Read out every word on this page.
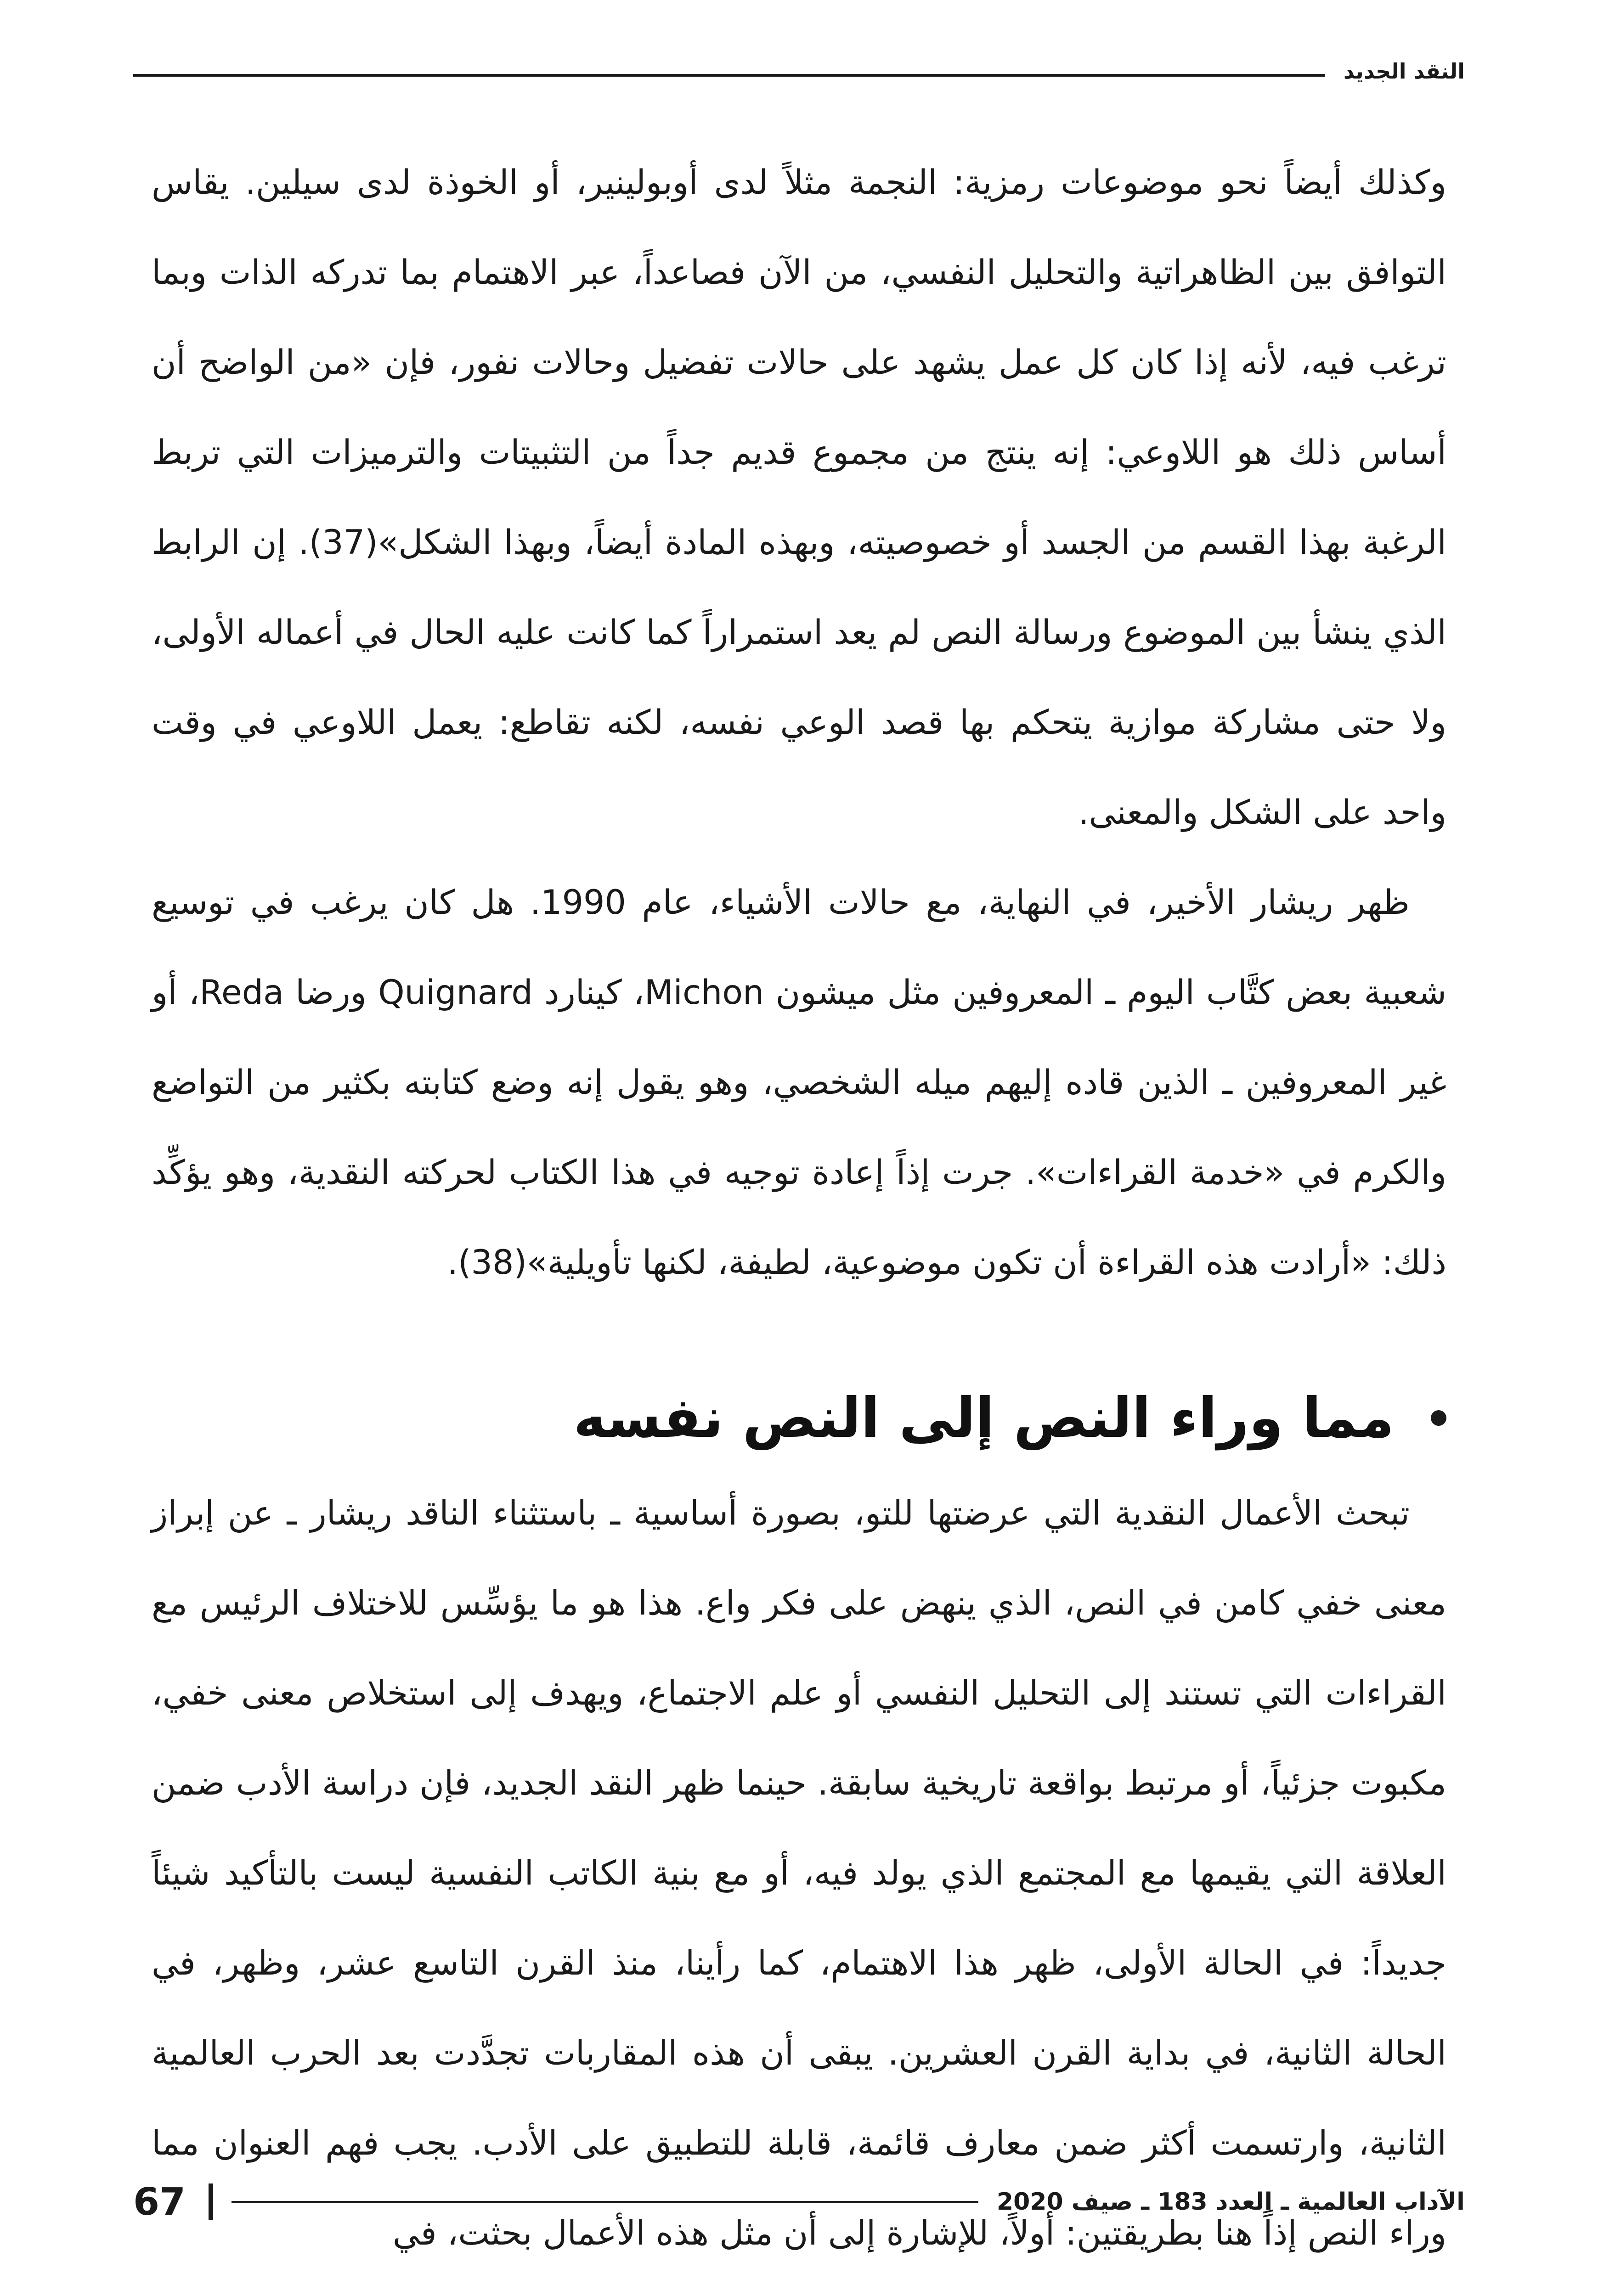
النقد الجديد

وكذلك أيضاً نحو موضوعات رمزية: النجمة مثلاً لدى أوبولينير، أو الخوذة لدى سيلين. يقاس التوافق بين الظاهراتية والتحليل النفسي، من الآن فصاعداً، عبر الاهتمام بما تدركه الذات وبما ترغب فيه، لأنه إذا كان كل عمل يشهد على حالات تفضيل وحالات نفور، فإن «من الواضح أن أساس ذلك هو اللاوعي: إنه ينتج من مجموع قديم جداً من التثبيتات والترميزات التي تربط الرغبة بهذا القسم من الجسد أو خصوصيته، وبهذه المادة أيضاً، وبهذا الشكل»(37). إن الرابط الذي ينشأ بين الموضوع ورسالة النص لم يعد استمراراً كما كانت عليه الحال في أعماله الأولى، ولا حتى مشاركة موازية يتحكم بها قصد الوعي نفسه، لكنه تقاطع: يعمل اللاوعي في وقت واحد على الشكل والمعنى.

ظهر ريشار الأخير، في النهاية، مع حالات الأشياء، عام 1990. هل كان يرغب في توسيع شعبية بعض كتَّاب اليوم ـ المعروفين مثل ميشون Michon، كينارد Quignard ورضا Reda، أو غير المعروفين ـ الذين قاده إليهم ميله الشخصي، وهو يقول إنه وضع كتابته بكثير من التواضع والكرم في «خدمة القراءات». جرت إذاً إعادة توجيه في هذا الكتاب لحركته النقدية، وهو يؤكِّد ذلك: «أرادت هذه القراءة أن تكون موضوعية، لطيفة، لكنها تأويلية»(38).

مما وراء النص إلى النص نفسه

تبحث الأعمال النقدية التي عرضتها للتو، بصورة أساسية ـ باستثناء الناقد ريشار ـ عن إبراز معنى خفي كامن في النص، الذي ينهض على فكر واع. هذا هو ما يؤسِّس للاختلاف الرئيس مع القراءات التي تستند إلى التحليل النفسي أو علم الاجتماع، ويهدف إلى استخلاص معنى خفي، مكبوت جزئياً، أو مرتبط بواقعة تاريخية سابقة. حينما ظهر النقد الجديد، فإن دراسة الأدب ضمن العلاقة التي يقيمها مع المجتمع الذي يولد فيه، أو مع بنية الكاتب النفسية ليست بالتأكيد شيئاً جديداً: في الحالة الأولى، ظهر هذا الاهتمام، كما رأينا، منذ القرن التاسع عشر، وظهر، في الحالة الثانية، في بداية القرن العشرين. يبقى أن هذه المقاربات تجدَّدت بعد الحرب العالمية الثانية، وارتسمت أكثر ضمن معارف قائمة، قابلة للتطبيق على الأدب. يجب فهم العنوان مما وراء النص إذاً هنا بطريقتين: أولاً، للإشارة إلى أن مثل هذه الأعمال بحثت، في

الآداب العالمية ـ العدد 183 ـ صيف 2020
67
